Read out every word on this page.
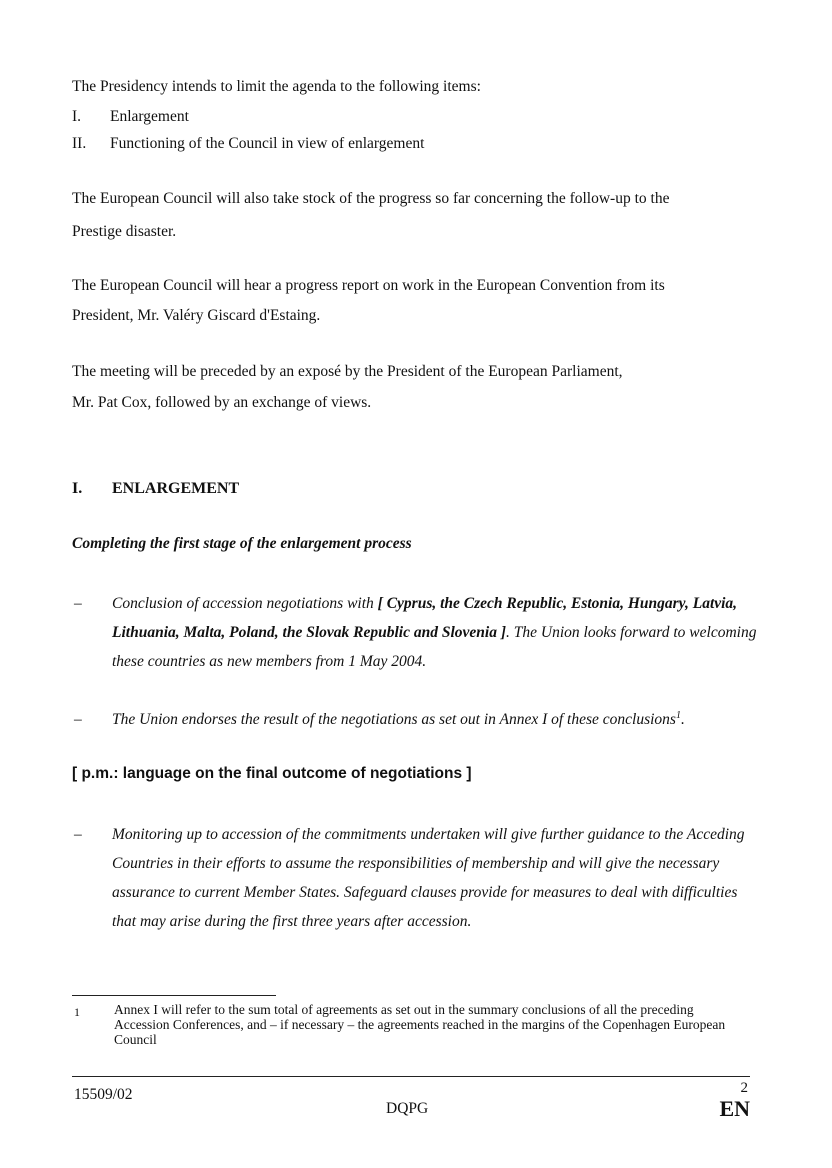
The Presidency intends to limit the agenda to the following items:
I. Enlargement
II. Functioning of the Council in view of enlargement
The European Council will also take stock of the progress so far concerning the follow-up to the
Prestige disaster.
The European Council will hear a progress report on work in the European Convention from its
President, Mr. Valéry Giscard d'Estaing.
The meeting will be preceded by an exposé by the President of the European Parliament,
Mr. Pat Cox, followed by an exchange of views.
I. ENLARGEMENT
Completing the first stage of the enlargement process
– Conclusion of accession negotiations with [ Cyprus, the Czech Republic, Estonia, Hungary, Latvia, Lithuania, Malta, Poland, the Slovak Republic and Slovenia ]. The Union looks forward to welcoming these countries as new members from 1 May 2004.
– The Union endorses the result of the negotiations as set out in Annex I of these conclusions$^1$.
[ p.m.: language on the final outcome of negotiations ]
– Monitoring up to accession of the commitments undertaken will give further guidance to the Acceding Countries in their efforts to assume the responsibilities of membership and will give the necessary assurance to current Member States. Safeguard clauses provide for measures to deal with difficulties that may arise during the first three years after accession.
1	Annex I will refer to the sum total of agreements as set out in the summary conclusions of all the preceding Accession Conferences, and – if necessary – the agreements reached in the margins of the Copenhagen European Council
15509/02
DQPG
2
EN
